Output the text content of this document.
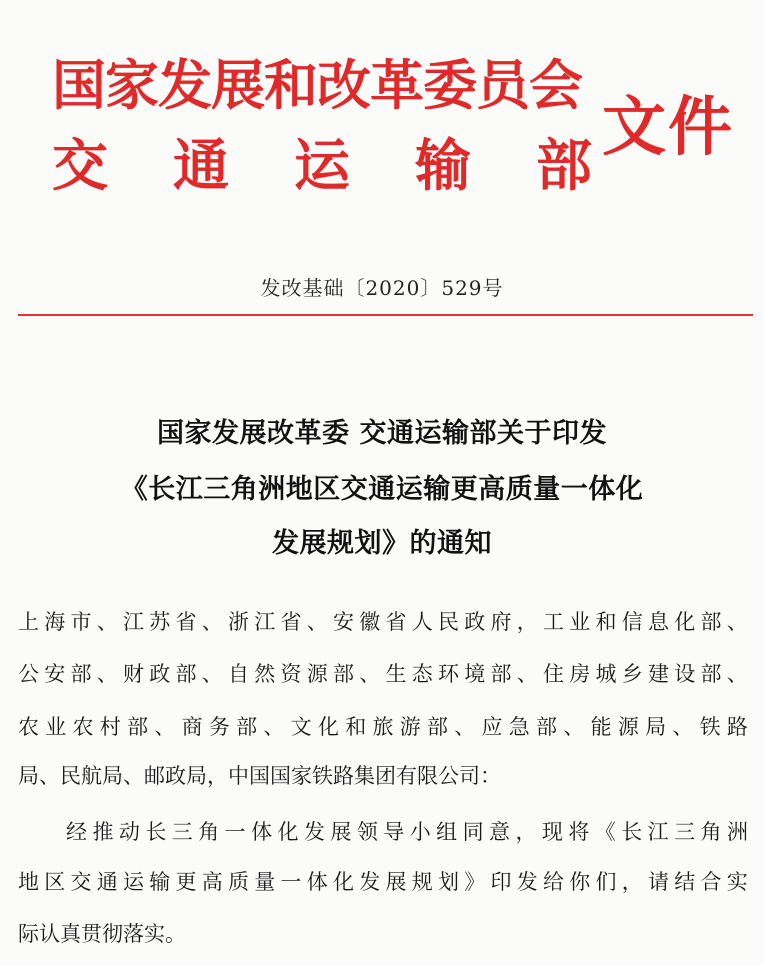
国家发展和改革委员会
交 通 运 输 部
文件
发改基础〔2020〕529号
国家发展改革委 交通运输部关于印发
《长江三角洲地区交通运输更高质量一体化
发展规划》的通知
上 海 市 、 江 苏 省 、 浙 江 省 、 安 徽 省 人 民 政 府 ， 工 业 和 信 息 化 部 、
公 安 部 、 财 政 部 、 自 然 资 源 部 、 生 态 环 境 部 、 住 房 城 乡 建 设 部 、
农 业 农 村 部 、 商 务 部 、 文 化 和 旅 游 部 、 应 急 部 、 能 源 局 、 铁 路
局、民航局、邮政局，中国国家铁路集团有限公司：
经 推 动 长 三 角 一 体 化 发 展 领 导 小 组 同 意 ， 现 将 《 长 江 三 角 洲
地 区 交 通 运 输 更 高 质 量 一 体 化 发 展 规 划 》 印 发 给 你 们 ， 请 结 合 实
际认真贯彻落实。
